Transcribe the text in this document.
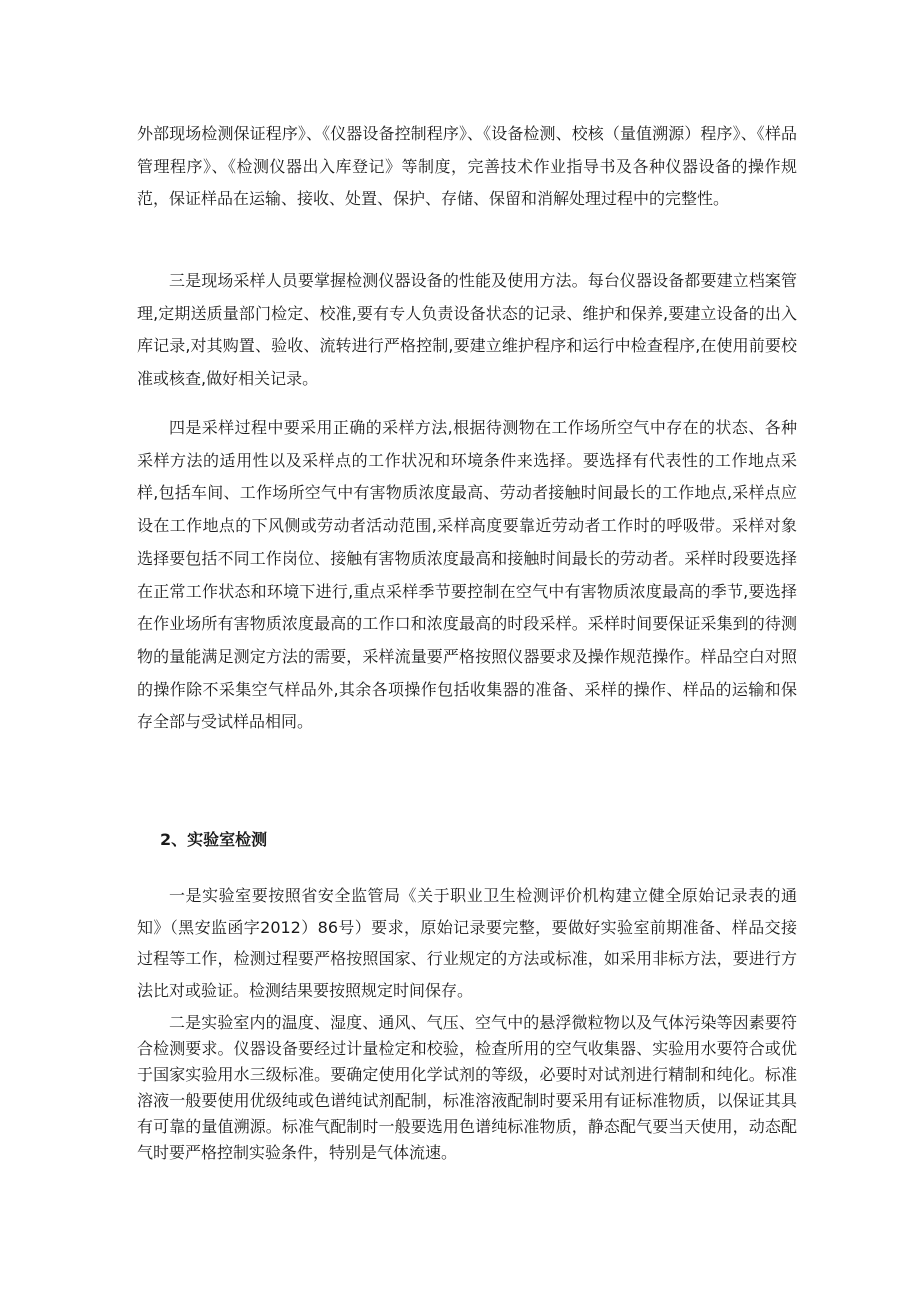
外部现场检测保证程序》、《仪器设备控制程序》、《设备检测、校核（量值溯源）程序》、《样品管理程序》、《检测仪器出入库登记》等制度，完善技术作业指导书及各种仪器设备的操作规范，保证样品在运输、接收、处置、保护、存储、保留和消解处理过程中的完整性。

三是现场采样人员要掌握检测仪器设备的性能及使用方法。每台仪器设备都要建立档案管理,定期送质量部门检定、校准,要有专人负责设备状态的记录、维护和保养,要建立设备的出入库记录,对其购置、验收、流转进行严格控制,要建立维护程序和运行中检查程序,在使用前要校准或核查,做好相关记录。

四是采样过程中要采用正确的采样方法,根据待测物在工作场所空气中存在的状态、各种采样方法的适用性以及采样点的工作状况和环境条件来选择。要选择有代表性的工作地点采样,包括车间、工作场所空气中有害物质浓度最高、劳动者接触时间最长的工作地点,采样点应设在工作地点的下风侧或劳动者活动范围,采样高度要靠近劳动者工作时的呼吸带。采样对象选择要包括不同工作岗位、接触有害物质浓度最高和接触时间最长的劳动者。采样时段要选择在正常工作状态和环境下进行,重点采样季节要控制在空气中有害物质浓度最高的季节,要选择在作业场所有害物质浓度最高的工作口和浓度最高的时段采样。采样时间要保证采集到的待测物的量能满足测定方法的需要，采样流量要严格按照仪器要求及操作规范操作。样品空白对照的操作除不采集空气样品外,其余各项操作包括收集器的准备、采样的操作、样品的运输和保存全部与受试样品相同。

2、实验室检测

一是实验室要按照省安全监管局《关于职业卫生检测评价机构建立健全原始记录表的通知》（黑安监函字2012）86号）要求，原始记录要完整，要做好实验室前期准备、样品交接过程等工作，检测过程要严格按照国家、行业规定的方法或标准，如采用非标方法，要进行方法比对或验证。检测结果要按照规定时间保存。

二是实验室内的温度、湿度、通风、气压、空气中的悬浮微粒物以及气体污染等因素要符合检测要求。仪器设备要经过计量检定和校验，检查所用的空气收集器、实验用水要符合或优于国家实验用水三级标准。要确定使用化学试剂的等级，必要时对试剂进行精制和纯化。标准溶液一般要使用优级纯或色谱纯试剂配制，标准溶液配制时要采用有证标准物质，以保证其具有可靠的量值溯源。标准气配制时一般要选用色谱纯标准物质，静态配气要当天使用，动态配气时要严格控制实验条件，特别是气体流速。
